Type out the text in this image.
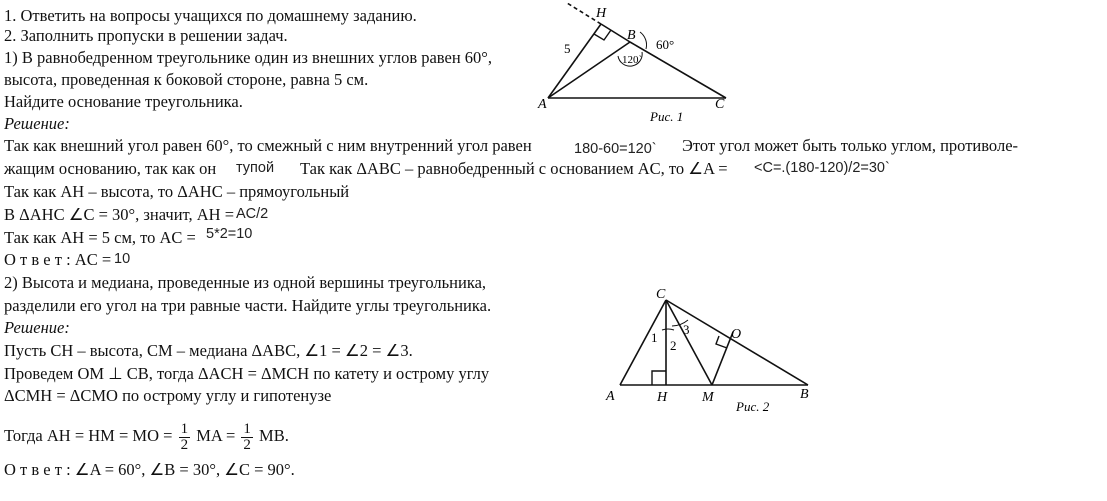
1. Ответить на вопросы учащихся по домашнему заданию.
2. Заполнить пропуски в решении задач.
1) В равнобедренном треугольнике один из внешних углов равен 60°,
высота, проведенная к боковой стороне, равна 5 см.
Найдите основание треугольника.
Решение:
Так как внешний угол равен 60°, то смежный с ним внутренний угол равен	180-60=120` Этот угол может быть только углом, противоле-
жащим основанию, так как он тупой Так как ΔABC – равнобедренный с основанием AC, то ∠A = <C=.(180-120)/2=30`
Так как AH – высота, то ΔAHC – прямоугольный
В ΔAHC ∠C = 30°, значит, AH = AC/2
Так как AH = 5 см, то AC = 5*2=10
О т в е т : AC = 10
H
B
A	C
5	60°
120`
Рис. 1
2) Высота и медиана, проведенные из одной вершины треугольника,
разделили его угол на три равные части. Найдите углы треугольника.
Решение:
Пусть CH – высота, CM – медиана ΔABC, ∠1 = ∠2 = ∠3.
Проведем OM ⊥ CB, тогда ΔACH = ΔMCH по катету и острому углу
ΔCMH = ΔCMO по острому углу и гипотенузе
Тогда AH = HM = MO = $\frac{1}{2}$ MA = $\frac{1}{2}$ MB.
О т в е т : ∠A = 60°, ∠B = 30°, ∠C = 90°.
C
A	H M	B
O
1
2
3
Рис. 2
